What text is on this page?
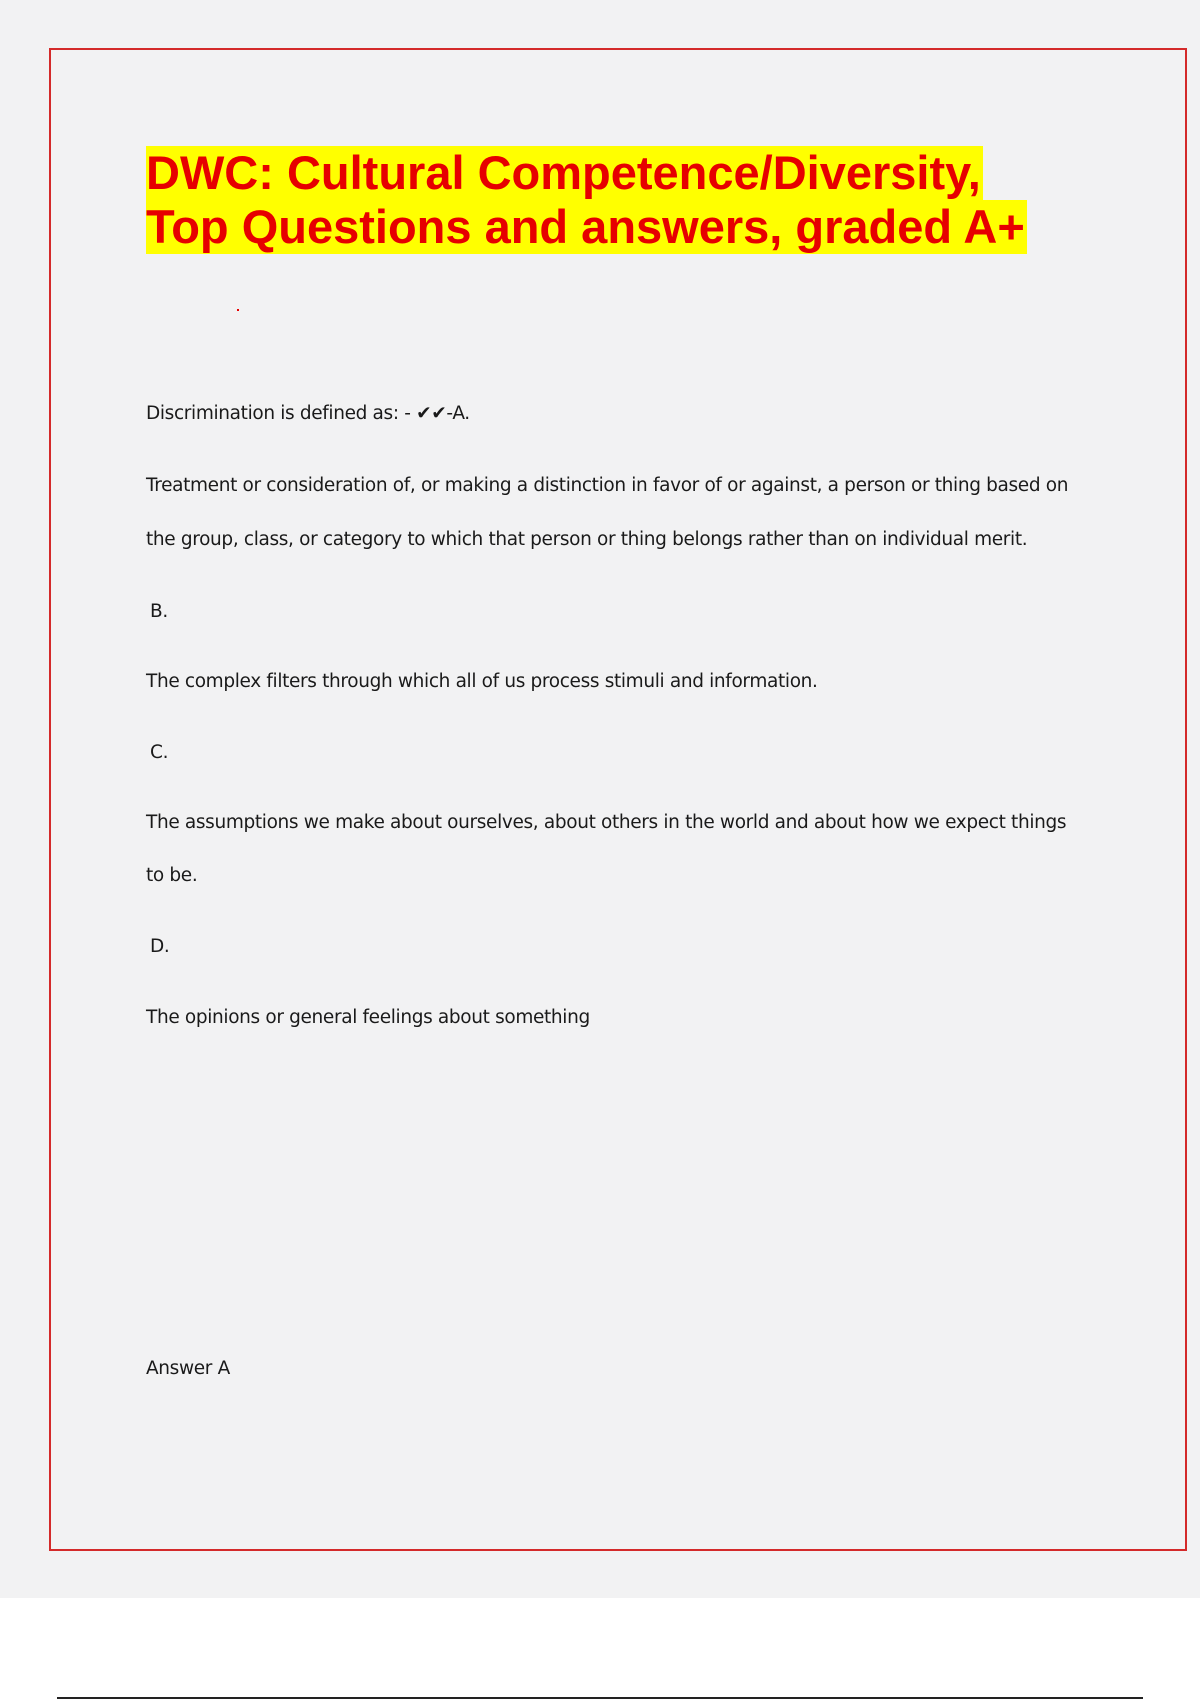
DWC: Cultural Competence/Diversity,
Top Questions and answers, graded A+
Discrimination is defined as: - ✔✔-A.
Treatment or consideration of, or making a distinction in favor of or against, a person or thing based on
the group, class, or category to which that person or thing belongs rather than on individual merit.
B.
The complex filters through which all of us process stimuli and information.
C.
The assumptions we make about ourselves, about others in the world and about how we expect things
to be.
D.
The opinions or general feelings about something
Answer A
